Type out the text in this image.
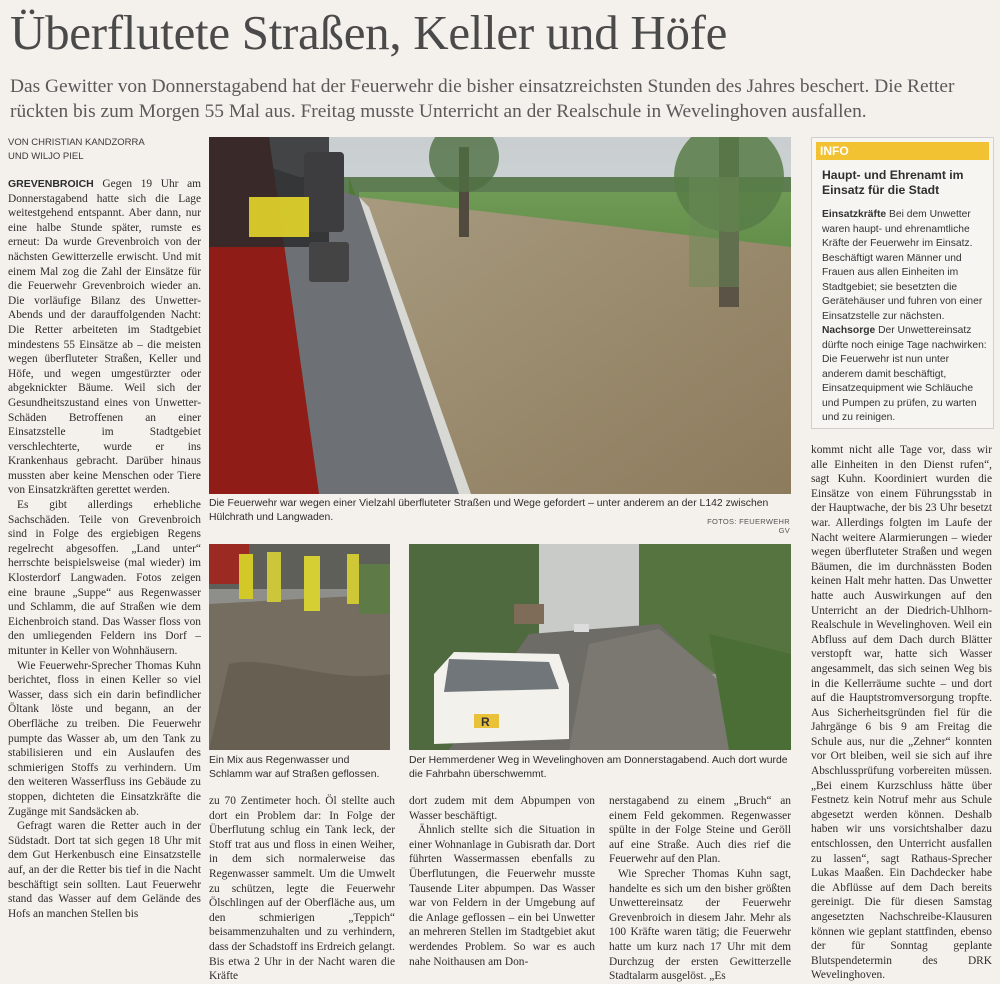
Überflutete Straßen, Keller und Höfe
Das Gewitter von Donnerstagabend hat der Feuerwehr die bisher einsatzreichsten Stunden des Jahres beschert. Die Retter rückten bis zum Morgen 55 Mal aus. Freitag musste Unterricht an der Realschule in Wevelinghoven ausfallen.
VON CHRISTIAN KANDZORRA
UND WILJO PIEL

GREVENBROICH Gegen 19 Uhr am Donnerstagabend hatte sich die Lage weitestgehend entspannt. Aber dann, nur eine halbe Stunde später, rumste es erneut: Da wurde Grevenbroich von der nächsten Gewitterzelle erwischt. Und mit einem Mal zog die Zahl der Einsätze für die Feuerwehr Grevenbroich wieder an. Die vorläufige Bilanz des Unwetter-Abends und der darauffolgenden Nacht: Die Retter arbeiteten im Stadtgebiet mindestens 55 Einsätze ab – die meisten wegen überfluteter Straßen, Keller und Höfe, und wegen umgestürzter oder abgeknickter Bäume. Weil sich der Gesundheitszustand eines von Unwetter-Schäden Betroffenen an einer Einsatzstelle im Stadtgebiet verschlechterte, wurde er ins Krankenhaus gebracht. Darüber hinaus mussten aber keine Menschen oder Tiere von Einsatzkräften gerettet werden.

Es gibt allerdings erhebliche Sachschäden. Teile von Grevenbroich sind in Folge des ergiebigen Regens regelrecht abgesoffen. „Land unter“ herrschte beispielsweise (mal wieder) im Klosterdorf Langwaden. Fotos zeigen eine braune „Suppe“ aus Regenwasser und Schlamm, die auf Straßen wie dem Eichenbroich stand. Das Wasser floss von den umliegenden Feldern ins Dorf – mitunter in Keller von Wohnhäusern.

Wie Feuerwehr-Sprecher Thomas Kuhn berichtet, floss in einen Keller so viel Wasser, dass sich ein darin befindlicher Öltank löste und begann, an der Oberfläche zu treiben. Die Feuerwehr pumpte das Wasser ab, um den Tank zu stabilisieren und ein Auslaufen des schmierigen Stoffs zu verhindern. Um den weiteren Wasserfluss ins Gebäude zu stoppen, dichteten die Einsatzkräfte die Zugänge mit Sandsäcken ab.

Gefragt waren die Retter auch in der Südstadt. Dort tat sich gegen 18 Uhr mit dem Gut Herkenbusch eine Einsatzstelle auf, an der die Retter bis tief in die Nacht beschäftigt sein sollten. Laut Feuerwehr stand das Wasser auf dem Gelände des Hofs an manchen Stellen bis

Die Feuerwehr war wegen einer Vielzahl überfluteter Straßen und Wege gefordert – unter anderem an der L142 zwischen Hülchrath und Langwaden.	FOTOS: FEUERWEHR GV
Ein Mix aus Regenwasser und Schlamm war auf Straßen geflossen.
R
Der Hemmerdener Weg in Wevelinghoven am Donnerstagabend. Auch dort wurde die Fahrbahn überschwemmt.

zu 70 Zentimeter hoch. Öl stellte auch dort ein Problem dar: In Folge der Überflutung schlug ein Tank leck, der Stoff trat aus und floss in einen Weiher, in dem sich normalerweise das Regenwasser sammelt. Um die Umwelt zu schützen, legte die Feuerwehr Ölschlingen auf der Oberfläche aus, um den schmierigen „Teppich“ beisammenzuhalten und zu verhindern, dass der Schadstoff ins Erdreich gelangt. Bis etwa 2 Uhr in der Nacht waren die Kräfte

dort zudem mit dem Abpumpen von Wasser beschäftigt.

Ähnlich stellte sich die Situation in einer Wohnanlage in Gubisrath dar. Dort führten Wassermassen ebenfalls zu Überflutungen, die Feuerwehr musste Tausende Liter abpumpen. Das Wasser war von Feldern in der Umgebung auf die Anlage geflossen – ein bei Unwetter an mehreren Stellen im Stadtgebiet akut werdendes Problem. So war es auch nahe Noithausen am Don-

nerstagabend zu einem „Bruch“ an einem Feld gekommen. Regenwasser spülte in der Folge Steine und Geröll auf eine Straße. Auch dies rief die Feuerwehr auf den Plan.

Wie Sprecher Thomas Kuhn sagt, handelte es sich um den bisher größten Unwettereinsatz der Feuerwehr Grevenbroich in diesem Jahr. Mehr als 100 Kräfte waren tätig; die Feuerwehr hatte um kurz nach 17 Uhr mit dem Durchzug der ersten Gewitterzelle Stadtalarm ausgelöst. „Es

INFO
Haupt- und Ehrenamt im Einsatz für die Stadt
Einsatzkräfte Bei dem Unwetter waren haupt- und ehrenamtliche Kräfte der Feuerwehr im Einsatz. Beschäftigt waren Männer und Frauen aus allen Einheiten im Stadtgebiet; sie besetzten die Gerätehäuser und fuhren von einer Einsatzstelle zur nächsten.
Nachsorge Der Unwettereinsatz dürfte noch einige Tage nachwirken: Die Feuerwehr ist nun unter anderem damit beschäftigt, Einsatzequipment wie Schläuche und Pumpen zu prüfen, zu warten und zu reinigen.

kommt nicht alle Tage vor, dass wir alle Einheiten in den Dienst rufen“, sagt Kuhn. Koordiniert wurden die Einsätze von einem Führungsstab in der Hauptwache, der bis 23 Uhr besetzt war. Allerdings folgten im Laufe der Nacht weitere Alarmierungen – wieder wegen überfluteter Straßen und wegen Bäumen, die im durchnässten Boden keinen Halt mehr hatten. Das Unwetter hatte auch Auswirkungen auf den Unterricht an der Diedrich-Uhlhorn-Realschule in Wevelinghoven. Weil ein Abfluss auf dem Dach durch Blätter verstopft war, hatte sich Wasser angesammelt, das sich seinen Weg bis in die Kellerräume suchte – und dort auf die Hauptstromversorgung tropfte. Aus Sicherheitsgründen fiel für die Jahrgänge 6 bis 9 am Freitag die Schule aus, nur die „Zehner“ konnten vor Ort bleiben, weil sie sich auf ihre Abschlussprüfung vorbereiten müssen. „Bei einem Kurzschluss hätte über Festnetz kein Notruf mehr aus Schule abgesetzt werden können. Deshalb haben wir uns vorsichtshalber dazu entschlossen, den Unterricht ausfallen zu lassen“, sagt Rathaus-Sprecher Lukas Maaßen. Ein Dachdecker habe die Abflüsse auf dem Dach bereits gereinigt. Die für diesen Samstag angesetzten Nachschreibe-Klausuren können wie geplant stattfinden, ebenso der für Sonntag geplante Blutspendetermin des DRK Wevelinghoven.
